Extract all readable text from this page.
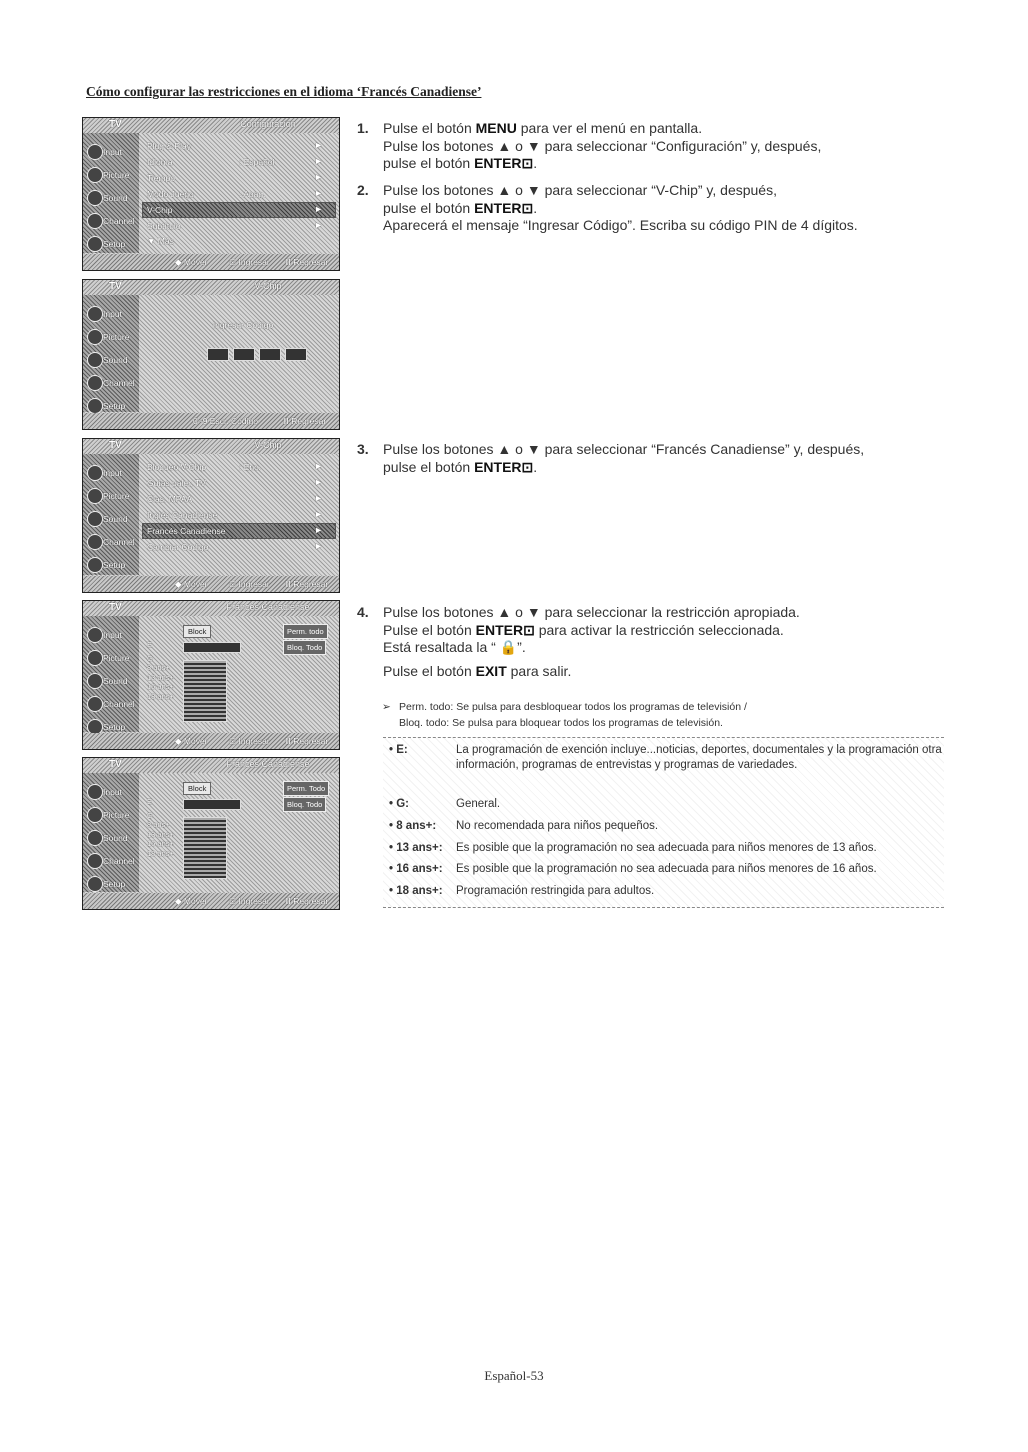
Cómo configurar las restricciones en el idioma ‘Francés Canadiense’
TV	Configuración
Input
Picture
Sound
Channel
Setup
Plug & Play	►
Idioma	: Español	►
Tiempo	►
Modo Juego	: Apag.	►
V-Chip	►
Subtítulo	►
▼ Más
◆ Mover	⊡ Ingresar Ⅲ Regresar
TV	V-Chip
Input
Picture
Sound
Channel
Setup
Ingresar Código
0~9 Escr. Código	Ⅲ Regresar
TV	V-Chip
Input
Picture
Sound
Channel
Setup
Bloqueo V-Chip	: Enc.	►
Guías paler. TV	►
Clas. MPAA	►
Inglés Canadiense	►
Francés Canadiense	►
Cambiar Código	►
◆ Mover	⊡ Ingresar Ⅲ Regresar
TV	Francés Canadiense
Input
Picture
Sound
Channel
Setup
Block	Perm. todo
Bloq. Todo
E
G
8 ans+
13 ans+
16 ans+
18 ans+
◆ Mover	⊡ Ingresar Ⅲ Regresar
TV	Francés Canadiense
Input
Picture
Sound
Channel
Setup
Block	Perm. Todo
Bloq. Todo
E
G
8 ans+
13 ans+
16 ans+
18 ans+
◆ Mover	⊡ Ingresar Ⅲ Regresar
1. Pulse el botón MENU para ver el menú en pantalla.
Pulse los botones ▲ o ▼ para seleccionar “Configuración” y, después,
pulse el botón ENTER⊡.
2. Pulse los botones ▲ o ▼ para seleccionar “V-Chip” y, después,
pulse el botón ENTER⊡.
Aparecerá el mensaje “Ingresar Código”. Escriba su código PIN de 4 dígitos.
3. Pulse los botones ▲ o ▼ para seleccionar “Francés Canadiense” y, después,
pulse el botón ENTER⊡.
4. Pulse los botones ▲ o ▼ para seleccionar la restricción apropiada.
Pulse el botón ENTER⊡ para activar la restricción seleccionada.
Está resaltada la “ 🔒”.
Pulse el botón EXIT para salir.
➢ Perm. todo: Se pulsa para desbloquear todos los programas de televisión /
Bloq. todo: Se pulsa para bloquear todos los programas de televisión.
• E:	La programación de exención incluye...noticias, deportes, documentales y la programación otra información, programas de entrevistas y programas de variedades.
• G:	General.
• 8 ans+: No recomendada para niños pequeños.
• 13 ans+: Es posible que la programación no sea adecuada para niños menores de 13 años.
• 16 ans+: Es posible que la programación no sea adecuada para niños menores de 16 años.
• 18 ans+: Programación restringida para adultos.
Español-53
